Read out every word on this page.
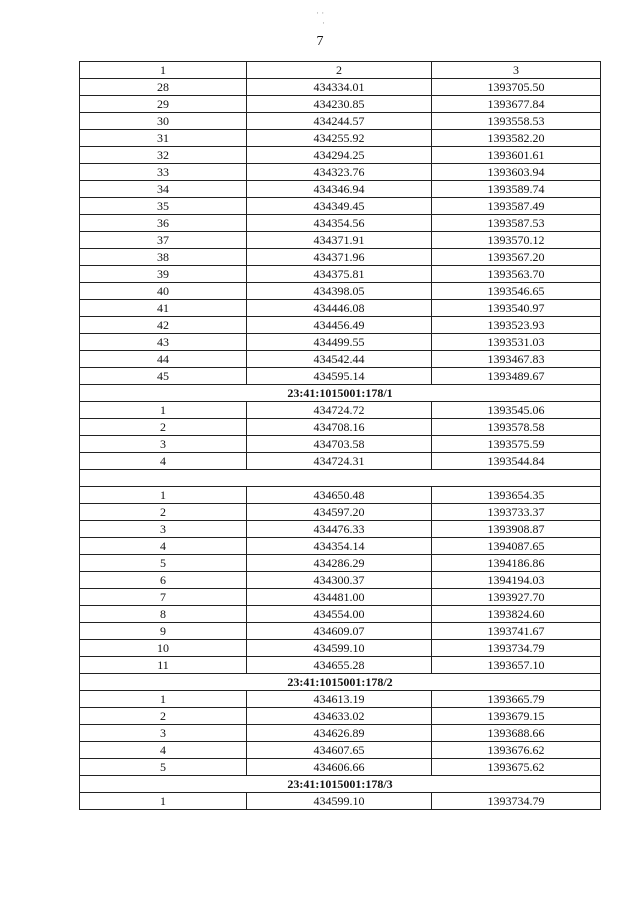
· ·
·
7
1	2	3
28	434334.01	1393705.50
29	434230.85	1393677.84
30	434244.57	1393558.53
31	434255.92	1393582.20
32	434294.25	1393601.61
33	434323.76	1393603.94
34	434346.94	1393589.74
35	434349.45	1393587.49
36	434354.56	1393587.53
37	434371.91	1393570.12
38	434371.96	1393567.20
39	434375.81	1393563.70
40	434398.05	1393546.65
41	434446.08	1393540.97
42	434456.49	1393523.93
43	434499.55	1393531.03
44	434542.44	1393467.83
45	434595.14	1393489.67
23:41:1015001:178/1		
1	434724.72	1393545.06
2	434708.16	1393578.58
3	434703.58	1393575.59
4	434724.31	1393544.84

1	434650.48	1393654.35
2	434597.20	1393733.37
3	434476.33	1393908.87
4	434354.14	1394087.65
5	434286.29	1394186.86
6	434300.37	1394194.03
7	434481.00	1393927.70
8	434554.00	1393824.60
9	434609.07	1393741.67
10	434599.10	1393734.79
11	434655.28	1393657.10
23:41:1015001:178/2		
1	434613.19	1393665.79
2	434633.02	1393679.15
3	434626.89	1393688.66
4	434607.65	1393676.62
5	434606.66	1393675.62
23:41:1015001:178/3		
1	434599.10	1393734.79
